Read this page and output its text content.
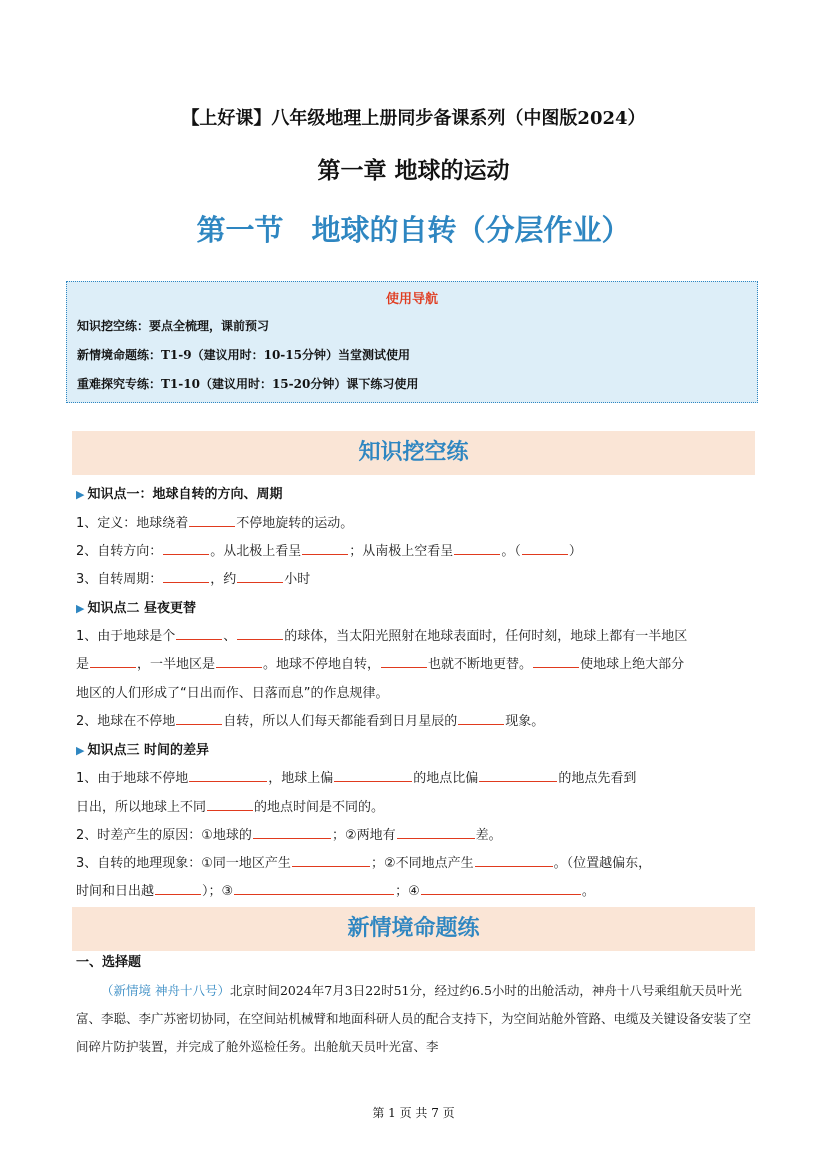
【上好课】八年级地理上册同步备课系列（中图版2024）
第一章 地球的运动
第一节 地球的自转（分层作业）
使用导航
知识挖空练：要点全梳理，课前预习
新情境命题练：T1-9（建议用时：10-15分钟）当堂测试使用
重难探究专练：T1-10（建议用时：15-20分钟）课下练习使用
知识挖空练
▶ 知识点一：地球自转的方向、周期
1、定义：地球绕着	不停地旋转的运动。
2、自转方向：	。从北极上看呈	；从南极上空看呈	。（	）
3、自转周期：	，约	小时
▶ 知识点二 昼夜更替
1、由于地球是个	、	的球体，当太阳光照射在地球表面时，任何时刻，地球上都有一半地区
是	，一半地区是	。地球不停地自转，	也就不断地更替。	使地球上绝大部分
地区的人们形成了“日出而作、日落而息”的作息规律。
2、地球在不停地	自转，所以人们每天都能看到日月星辰的	现象。
▶ 知识点三 时间的差异
1、由于地球不停地	，地球上偏	的地点比偏	的地点先看到
日出，所以地球上不同	的地点时间是不同的。
2、时差产生的原因：①地球的	；②两地有	差。
3、自转的地理现象：①同一地区产生	；②不同地点产生	。（位置越偏东，
时间和日出越	）；③	；④	。
新情境命题练
一、选择题
（新情境 神舟十八号）北京时间2024年7月3日22时51分，经过约6.5小时的出舱活动，神舟十八号乘组航天员叶光富、李聪、李广苏密切协同，在空间站机械臂和地面科研人员的配合支持下，为空间站舱外管路、电缆及关键设备安装了空间碎片防护装置，并完成了舱外巡检任务。出舱航天员叶光富、李
第 1 页 共 7 页
